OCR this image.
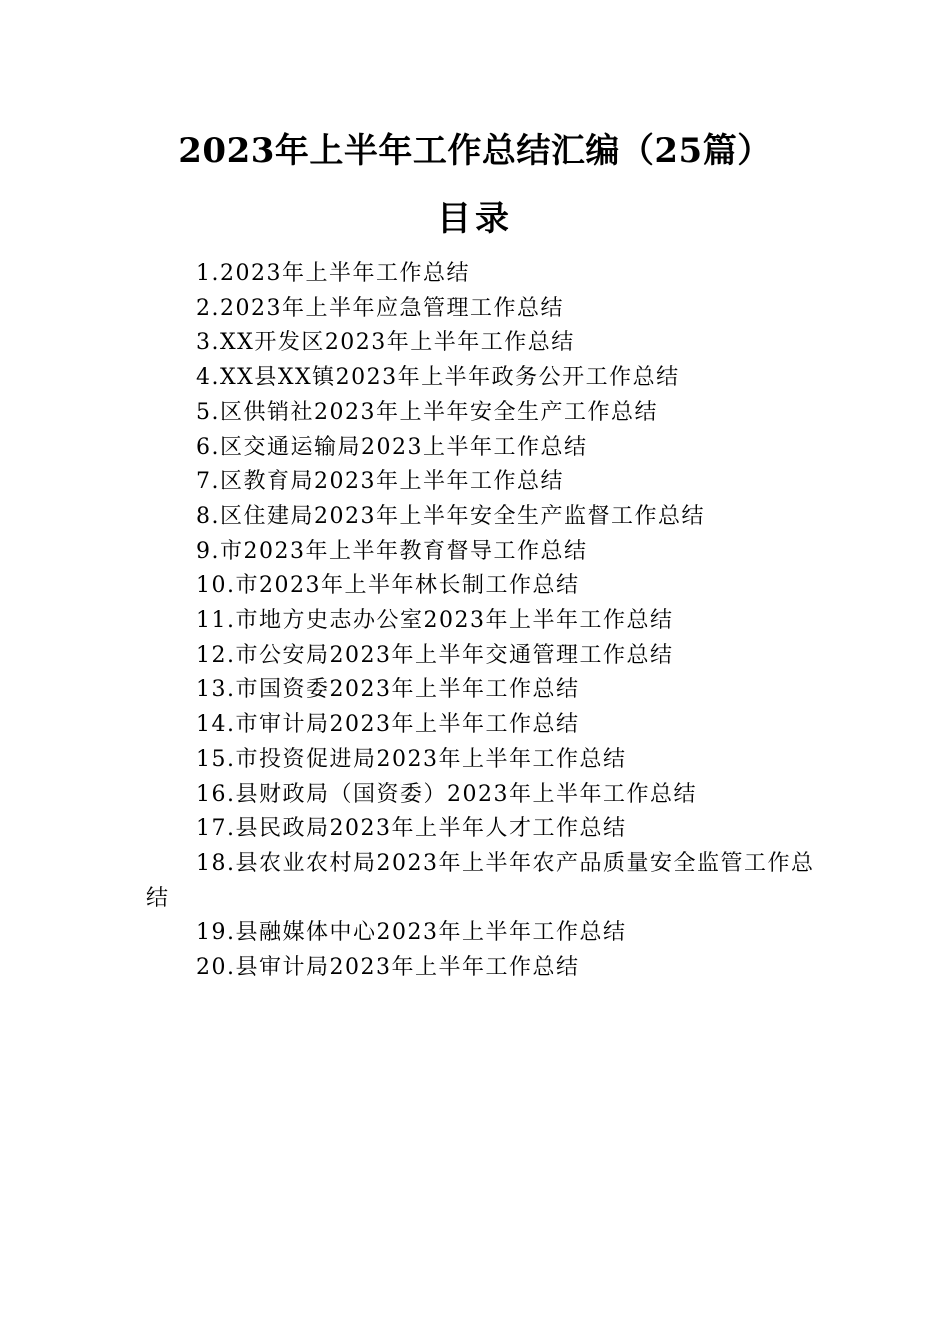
2023年上半年工作总结汇编（25篇）
目录
1.2023年上半年工作总结
2.2023年上半年应急管理工作总结
3.XX开发区2023年上半年工作总结
4.XX县XX镇2023年上半年政务公开工作总结
5.区供销社2023年上半年安全生产工作总结
6.区交通运输局2023上半年工作总结
7.区教育局2023年上半年工作总结
8.区住建局2023年上半年安全生产监督工作总结
9.市2023年上半年教育督导工作总结
10.市2023年上半年林长制工作总结
11.市地方史志办公室2023年上半年工作总结
12.市公安局2023年上半年交通管理工作总结
13.市国资委2023年上半年工作总结
14.市审计局2023年上半年工作总结
15.市投资促进局2023年上半年工作总结
16.县财政局（国资委）2023年上半年工作总结
17.县民政局2023年上半年人才工作总结
18.县农业农村局2023年上半年农产品质量安全监管工作总结
19.县融媒体中心2023年上半年工作总结
20.县审计局2023年上半年工作总结
